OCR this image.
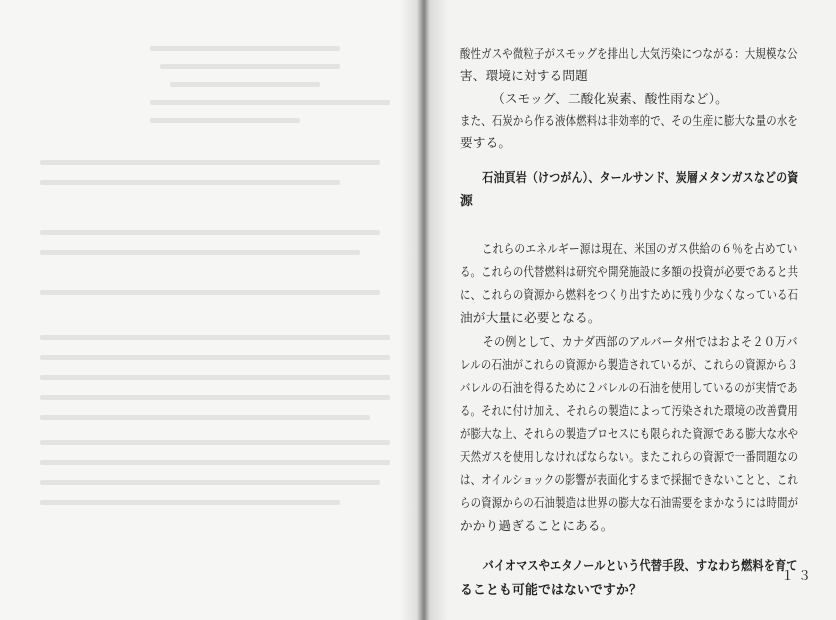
酸性ガスや微粒子がスモッグを排出し大気汚染につながる：大規模な公
害、環境に対する問題
　　　（スモッグ、二酸化炭素、酸性雨など）。
また、石炭から作る液体燃料は非効率的で、その生産に膨大な量の水を
要する。
　　石油頁岩（けつがん）、タールサンド、炭層メタンガスなどの資
源
　　これらのエネルギー源は現在、米国のガス供給の６％を占めてい
る。これらの代替燃料は研究や開発施設に多額の投資が必要であると共
に、これらの資源から燃料をつくり出すために残り少なくなっている石
油が大量に必要となる。
　　その例として、カナダ西部のアルバータ州ではおよそ２０万バ
レルの石油がこれらの資源から製造されているが、これらの資源から３
バレルの石油を得るために２バレルの石油を使用しているのが実情であ
る。それに付け加え、それらの製造によって汚染された環境の改善費用
が膨大な上、それらの製造プロセスにも限られた資源である膨大な水や
天然ガスを使用しなければならない。またこれらの資源で一番問題なの
は、オイルショックの影響が表面化するまで採掘できないことと、これ
らの資源からの石油製造は世界の膨大な石油需要をまかなうには時間が
かかり過ぎることにある。
　　バイオマスやエタノールという代替手段、すなわち燃料を育て
ることも可能ではないですか？
１３
